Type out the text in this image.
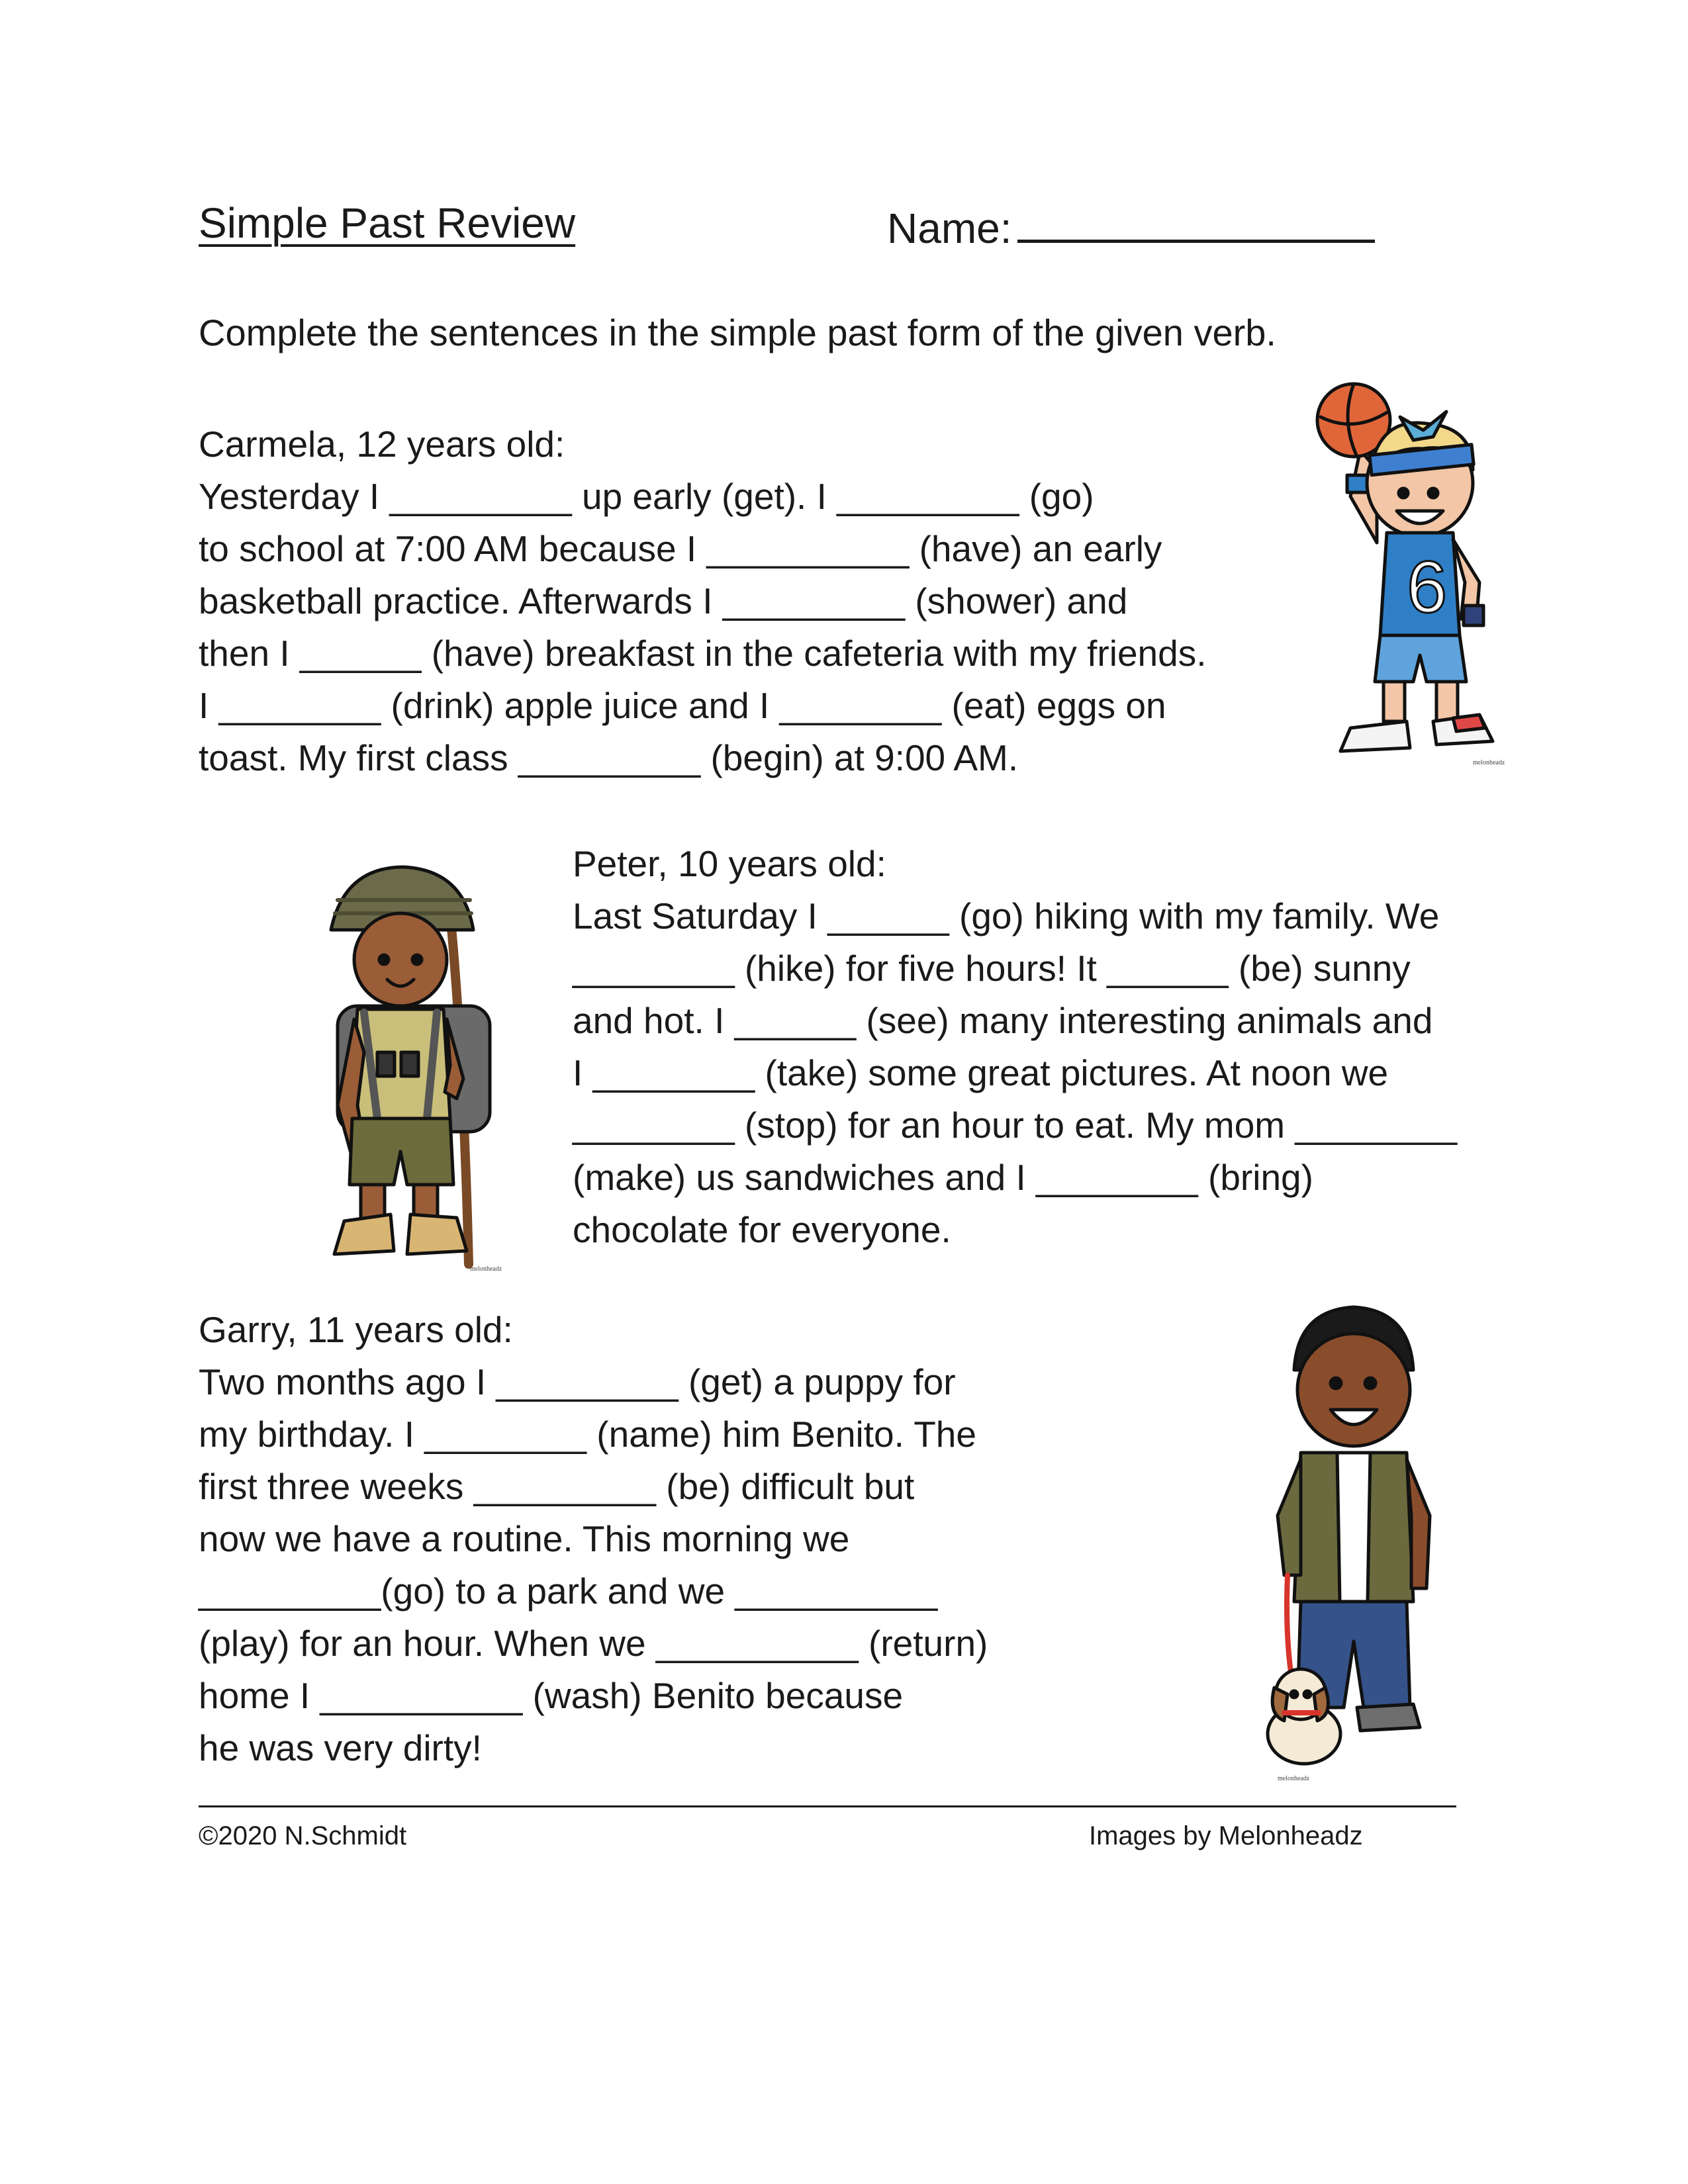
Simple Past Review	Name:
Complete the sentences in the simple past form of the given verb.
Carmela, 12 years old:
Yesterday I _________ up early (get). I _________ (go)
to school at 7:00 AM because I __________ (have) an early
basketball practice. Afterwards I _________ (shower) and
then I ______ (have) breakfast in the cafeteria with my friends.
I ________ (drink) apple juice and I ________ (eat) eggs on
toast. My first class _________ (begin) at 9:00 AM.
Peter, 10 years old:
Last Saturday I ______ (go) hiking with my family. We
________ (hike) for five hours! It ______ (be) sunny
and hot. I ______ (see) many interesting animals and
I ________ (take) some great pictures. At noon we
________ (stop) for an hour to eat. My mom ________
(make) us sandwiches and I ________ (bring)
chocolate for everyone.
Garry, 11 years old:
Two months ago I _________ (get) a puppy for
my birthday. I ________ (name) him Benito. The
first three weeks _________ (be) difficult but
now we have a routine. This morning we
_________(go) to a park and we __________
(play) for an hour. When we __________ (return)
home I __________ (wash) Benito because
he was very dirty!
6
melonheadz
melonheadz
melonheadz
©2020 N.Schmidt	Images by Melonheadz
